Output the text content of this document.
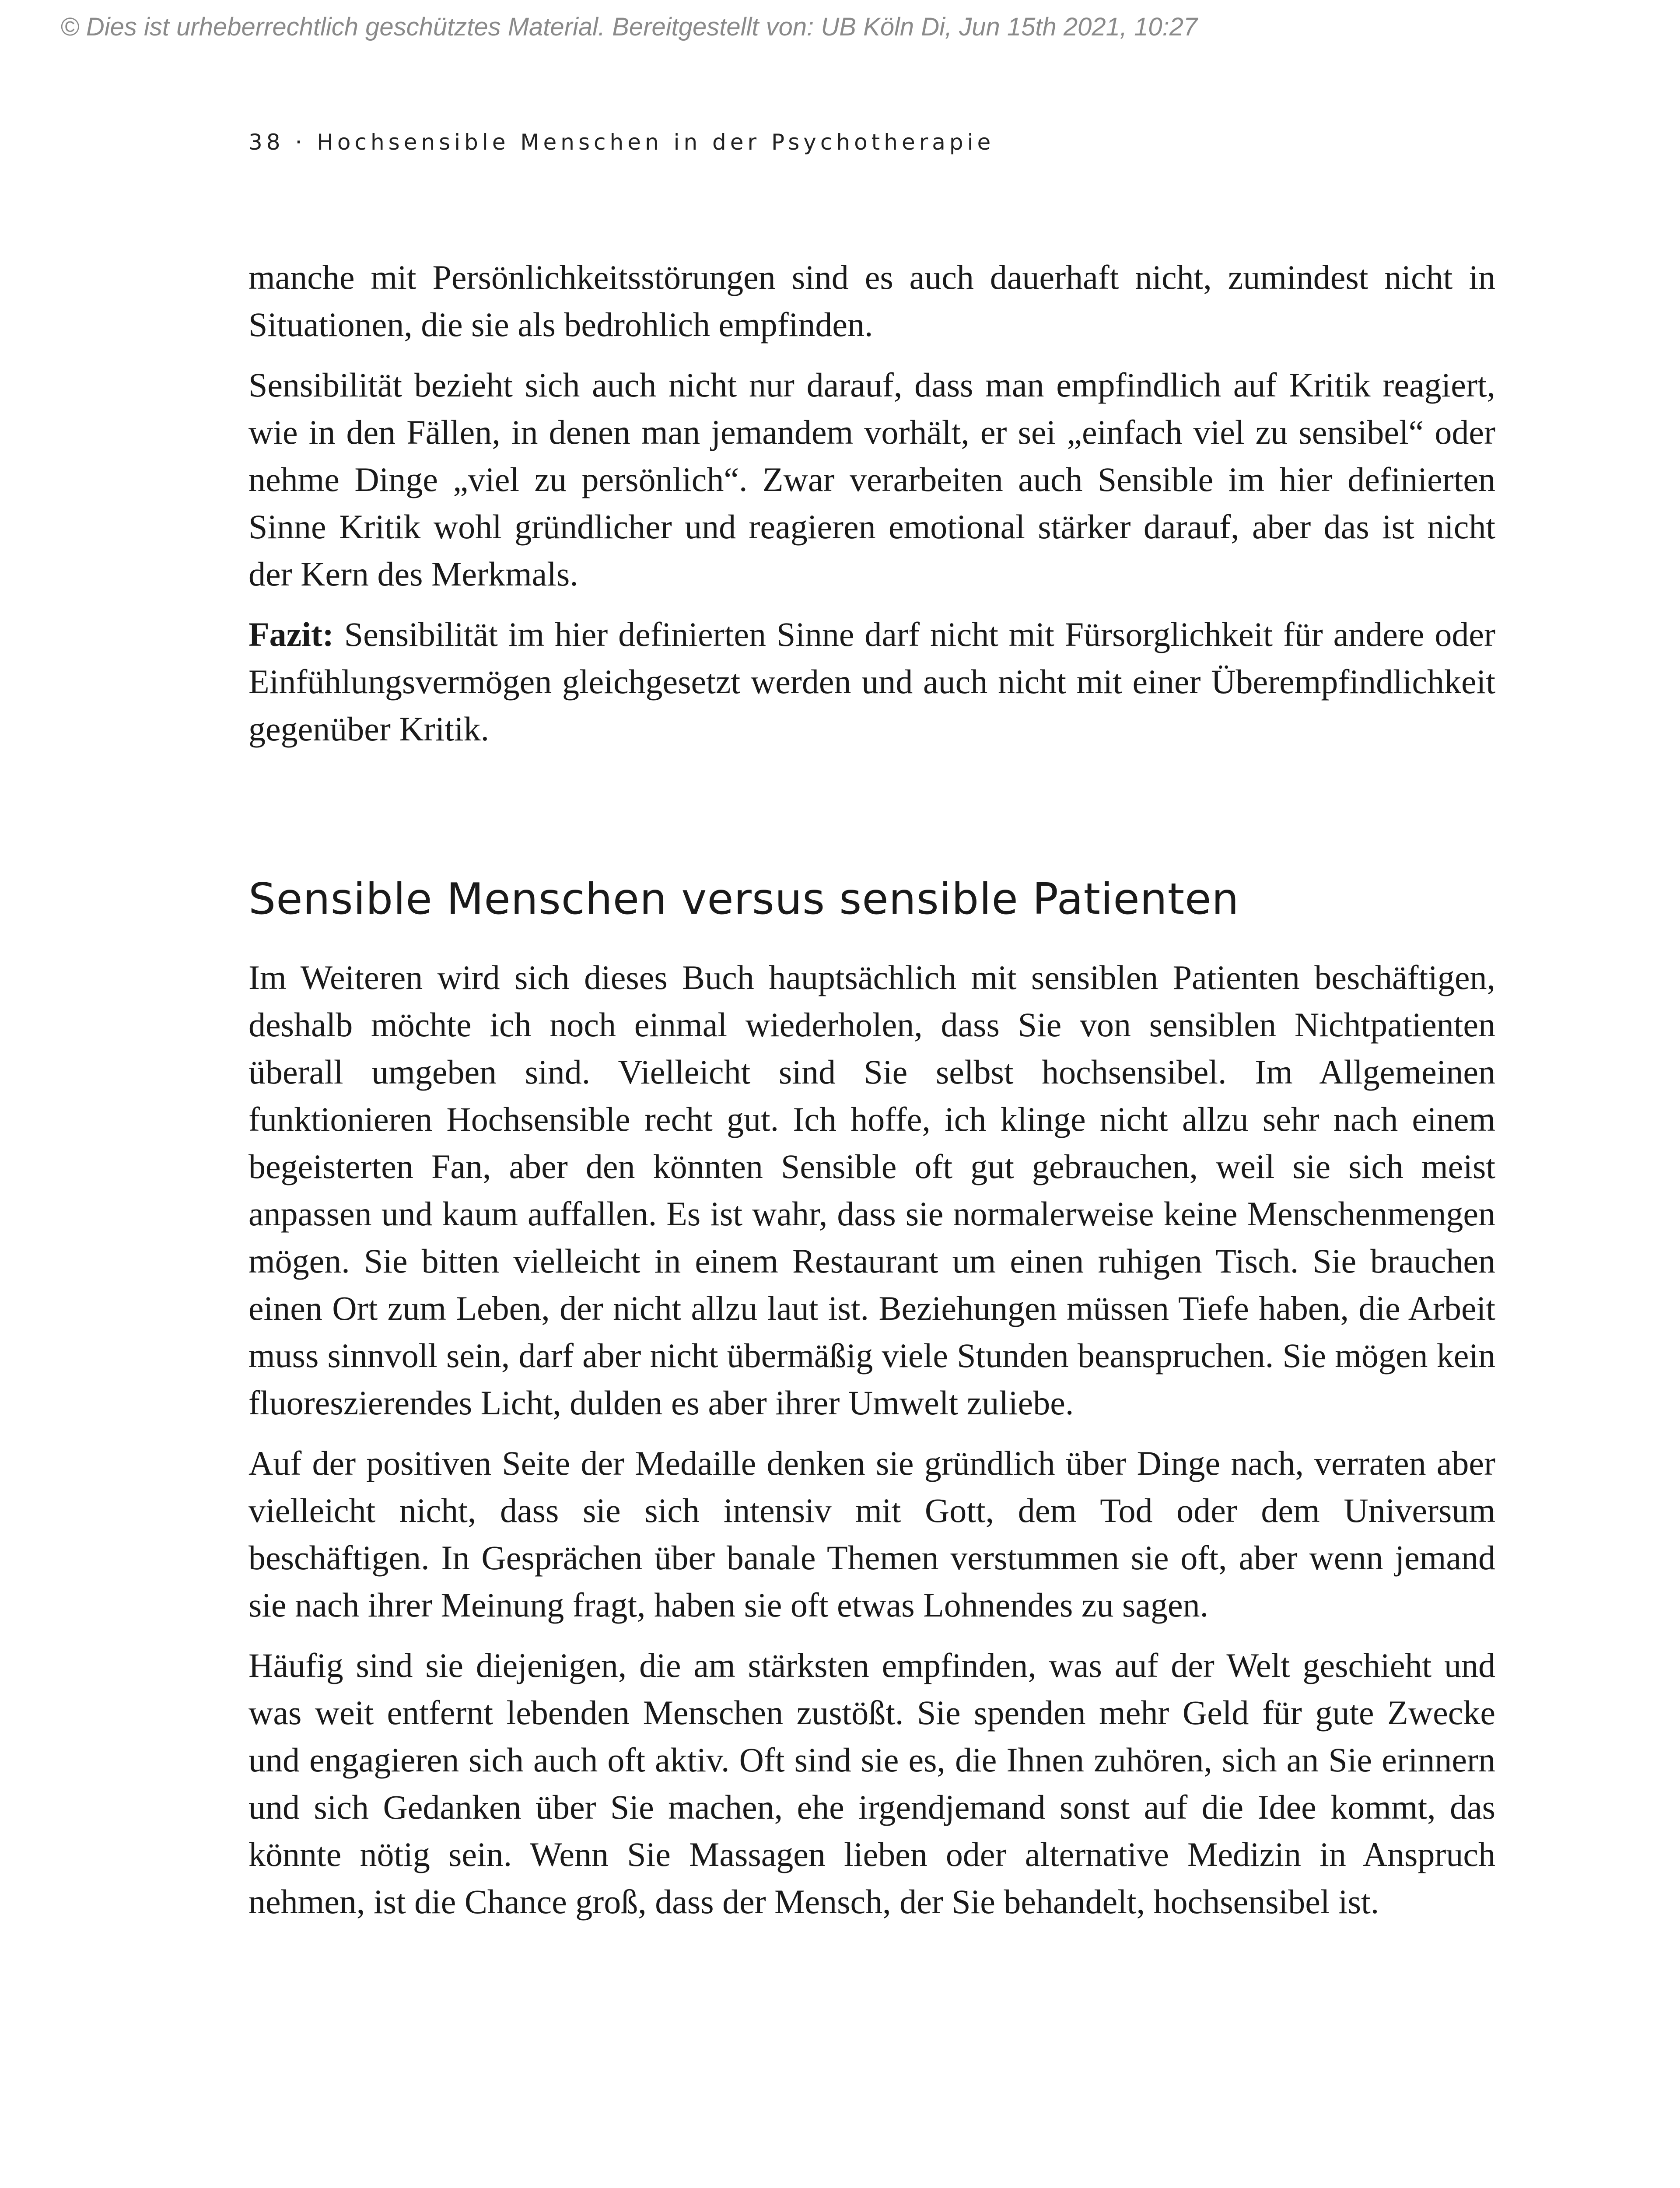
© Dies ist urheberrechtlich geschütztes Material. Bereitgestellt von: UB Köln Di, Jun 15th 2021, 10:27
38 · Hochsensible Menschen in der Psychotherapie

manche mit Persönlichkeitsstörungen sind es auch dauerhaft nicht, zumindest nicht in Situationen, die sie als bedrohlich empfinden.

Sensibilität bezieht sich auch nicht nur darauf, dass man empfindlich auf Kritik reagiert, wie in den Fällen, in denen man jemandem vorhält, er sei „einfach viel zu sensibel“ oder nehme Dinge „viel zu persönlich“. Zwar verarbeiten auch Sensible im hier definierten Sinne Kritik wohl gründlicher und reagieren emotional stärker darauf, aber das ist nicht der Kern des Merkmals.

Fazit: Sensibilität im hier definierten Sinne darf nicht mit Fürsorglichkeit für andere oder Einfühlungsvermögen gleichgesetzt werden und auch nicht mit einer Überempfindlichkeit gegenüber Kritik.

Sensible Menschen versus sensible Patienten

Im Weiteren wird sich dieses Buch hauptsächlich mit sensiblen Patienten beschäftigen, deshalb möchte ich noch einmal wiederholen, dass Sie von sensiblen Nichtpatienten überall umgeben sind. Vielleicht sind Sie selbst hochsensibel. Im Allgemeinen funktionieren Hochsensible recht gut. Ich hoffe, ich klinge nicht allzu sehr nach einem begeisterten Fan, aber den könnten Sensible oft gut gebrauchen, weil sie sich meist anpassen und kaum auffallen. Es ist wahr, dass sie normalerweise keine Menschenmengen mögen. Sie bitten vielleicht in einem Restaurant um einen ruhigen Tisch. Sie brauchen einen Ort zum Leben, der nicht allzu laut ist. Beziehungen müssen Tiefe haben, die Arbeit muss sinnvoll sein, darf aber nicht übermäßig viele Stunden beanspruchen. Sie mögen kein fluoreszierendes Licht, dulden es aber ihrer Umwelt zuliebe.

Auf der positiven Seite der Medaille denken sie gründlich über Dinge nach, verraten aber vielleicht nicht, dass sie sich intensiv mit Gott, dem Tod oder dem Universum beschäftigen. In Gesprächen über banale Themen verstummen sie oft, aber wenn jemand sie nach ihrer Meinung fragt, haben sie oft etwas Lohnendes zu sagen.

Häufig sind sie diejenigen, die am stärksten empfinden, was auf der Welt geschieht und was weit entfernt lebenden Menschen zustößt. Sie spenden mehr Geld für gute Zwecke und engagieren sich auch oft aktiv. Oft sind sie es, die Ihnen zuhören, sich an Sie erinnern und sich Gedanken über Sie machen, ehe irgendjemand sonst auf die Idee kommt, das könnte nötig sein. Wenn Sie Massagen lieben oder alternative Medizin in Anspruch nehmen, ist die Chance groß, dass der Mensch, der Sie behandelt, hochsensibel ist.
